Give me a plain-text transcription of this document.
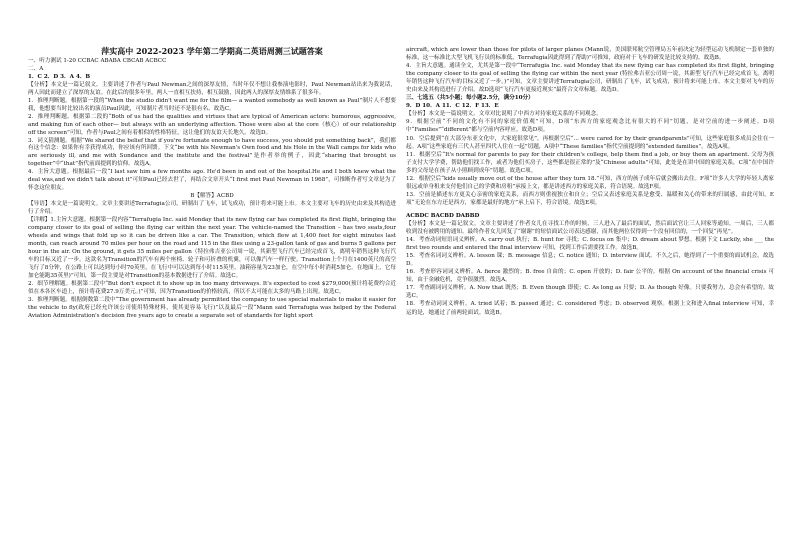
萍实高中 2022-2023 学年第二学期高二英语周测三试题答案

一、听力测试 1-20 CCBAC ABABA CBCAB ACBCC

二、A

1．C 2．D 3．A 4．B

【分析】本文是一篇记叙文。主要讲述了作者与Paul Newman之间的深厚友情，当时年仅不想让我参演电影时，Paul Newman站出来为我说话，两人因此而建立了深厚的友谊。在此后的很多年里，两人一直相互扶持，相互鼓励，因此两人的深厚友情维系了很多年。

1．推理判断题。根据第一段的“When the studio didn't want me for the film— a wanted somebody as well known as Paul”制片人不想要我，他想要当时比较出名的演员Paul因此，可知制片者当时还不是很有名。故选C。

2．推理判断题。根据第二段的“Both of us had the qualities and virtues that are typical of American actors: humorous, aggressive, and making fun of each other— but always with an underlying affection. Those were also at the core（核心）of our relationship off the screen”可知，作者与Paul之间有着相似的性格特征，这让他们的友谊天长地久。故选D。

3．词义猜测题。根据“We shared the belief that if you're fortunate enough to have success, you should put something back”，我们都有这个信念：如果你有幸获得成功，你应该有所回馈。下文“be with his Newman's Own food and his Hole in the Wall camps for kids who are seriously ill, and me with Sundance and the institute and the festival”是作者举的例子，因此“sharing that brought us together”中“that”指代前面提到的信仰。故选A。

4．主旨大意题。根据最后一段“I last saw him a few months ago. He'd been in and out of the hospital.He and I both knew what the deal was,and we didn't talk about it”可知Paul已经去世了，再结合文章开头“I first met Paul Newman in 1968”，可推断作者写文章是为了怀念这位朋友。

B【解答】ACBD

【导语】本文是一篇说明文。文章主要讲述Terrafugia公司，研制出了飞车，试飞成功，预计将来可能上市。本文主要对飞车的历史由来及其构造进行了介绍。

【详解】1.主旨大意题。根据第一段内容“Terrafugia Inc. said Monday that its new flying car has completed its first flight, bringing the company closer to its goal of selling the flying car within the next year. The vehicle-named the Transition – has two seats,four wheels and wings that fold up so it can be driven like a car. The Transition, which flew at 1,400 feet for eight minutes last month, can reach around 70 miles per hour on the road and 115 in the flies using a 23-gallon tank of gas and burns 5 gallons per hour in the air. On the ground, it gets 35 miles per gallon（特拉弗吉亚公司周一说，其新型飞行汽车已经完成首飞，离明年销售这种飞行汽车的目标又近了一步。这款名为Transition的汽车有两个座椅、轮子和可折叠的机翼，可以像汽车一样行驶。Transition上个月在1400英尺的高空飞行了8分钟，在公路上可以达到每小时70英里，在飞行中可以达到每小时115英里，油箱容量为23加仑，在空中每小时消耗5加仑。在地面上，它每加仑能跑35英里)”可知，第一段主要是对Transition的基本数据进行了介绍。故选C。

2．细节理解题。根据第二段中“But don't expect it to show up in too many driveways. It's expected to cost $279,000(预计将花费约合近似在本各区车道上，预计将花费27.9万美元。)”可知，因为Transition的价格较高，所以不太可能在太多的马路上出现。故选C。

3．推理判断题。根据倒数第二段中“The government has already permitted the company to use special materials to make it easier for the vehicle to fly(政府已经允许该公司使用特殊材料，使其更容易飞行)”以及最后一段“Mann said Terrafugia was helped by the Federal Aviation Administration's decision five years ago to create a separate set of standards for light sport

aircraft, which are lower than those for pilots of larger planes (Mann说，美国联邦航空管理局五年前决定为轻型运动飞机制定一套单独的标准，这一标准比大型飞机飞行员的标准低，Terrafugia因此得到了帮助)”可推知，政府对于飞车的研发是比较支持的。故选B。

4．主旨大意题。通读全文，尤其是第一段中“Terrafugia Inc. said Monday that its new flying car has completed its first flight, bringing the company closer to its goal of selling the flying car within the next year (特拉弗吉亚公司周一说，其新型飞行汽车已经完成首飞，离明年销售这种飞行汽车的目标又近了一步。)”可知，文章主要讲述Terrafugia公司，研制出了飞车，试飞成功，预计将来可能上市。本文主要对飞车的历史由来及其构造进行了介绍。故D选项“飞行汽车更接近现实”最符合文章标题。故选D。

三、七选五（共5小题；每小题2.5分，满分10分）

9．D 10．A 11．C 12．F 13．E

【分析】本文是一篇说明文。文章对比说明了中西方对待家庭关系的不同观念。

9．根据空前“不同的文化有不同的家庭价值观”可知，D项“东西方的家庭观念比有很大的不同”切题，是对空前的进一步阐述。D项中“Families”“different”都与空前内容呼应。故选D项。

10．空后提到“在大部分东亚文化中，大家庭很常见”，再根据空后“... were cared for by their grandparents”可知，这些家庭很多成员会住在一起。A项“这些家庭有三代人甚至四代人住在一起”切题，A项中“These families”指代空前提到的“extended families”。故选A项。

11．根据空后“It's normal for parents to pay for their children's college, help them find a job, or buy them an apartment. 父母为孩子支付大学学费，帮助他们找工作，或者为他们买房子，这些都是很正常的”及“Chinese adults”可知，此处是在讲中国的家庭关系，C项“在中国许多的父母是在孩子从小照顾到成年”切题。故选C项。

12．根据空后“kids usually move out of the house after they turn 18.”可知，西方的孩子成年后就会搬出去住。F项“许多人大学的年轻人离家很远或单身租来支付他们自己的学费和房租”承接上文，都是讲述西方的家庭关系，符合语境。故选F项。

13．空前是描述东方更关心亲密的家庭关系，而西方则重视独立和自立；空后又表述家庭关系是愈受、温暖和关心的带来的归属感，由此可知，E项“无论在东方还是西方，家都是最好的地方”承上启下，符合语境。故选E项。

ACBDC BACBD DABBD

【分析】本文是一篇记叙文。文章主要讲述了作者女儿在寻找工作的时候，三人进入了最后的面试，然后面试官让三人回家等通知。一周后，三人都收到没有被聘用的通知。最终作者女儿回复了“谢谢”的短信面试公司表达感谢，而其他两位仅得到一个没有回信的，一个回复“再见”。

14．考查动词短语词义辨析。A. carry out 执行；B. hunt for 寻找；C. focus on 集中；D. dream about 梦想。根据下文 Luckily, she ___ the first two rounds and entered the final interview 可知，找到工作后需要找工作。故选B。

15．考查名词词义辨析。A. lesson 课；B. message 信息；C. notice 通知；D. interview 面试。不久之后，她得到了一个重要的面试机会。故选D。

16．考查形容词词义辨析。A. fierce 激烈的；B. free 自由的；C. open 开放的；D. fair 公平的。根据 On account of the financial crisis 可知，由于金融危机，竞争很激烈。故选A。

17．考查副词词义辨析。A. Now that 既然；B. Even though 即使；C. As long as 只要；D. As though 好像。只要我努力，总会有希望的。故选C。

18．考查动词词义辨析。A. tried 试着；B. passed 通过；C. considered 考虑；D. observed 观察。根据上文和进入final interview 可知，幸运的是，她通过了前两轮面试。故选B。
